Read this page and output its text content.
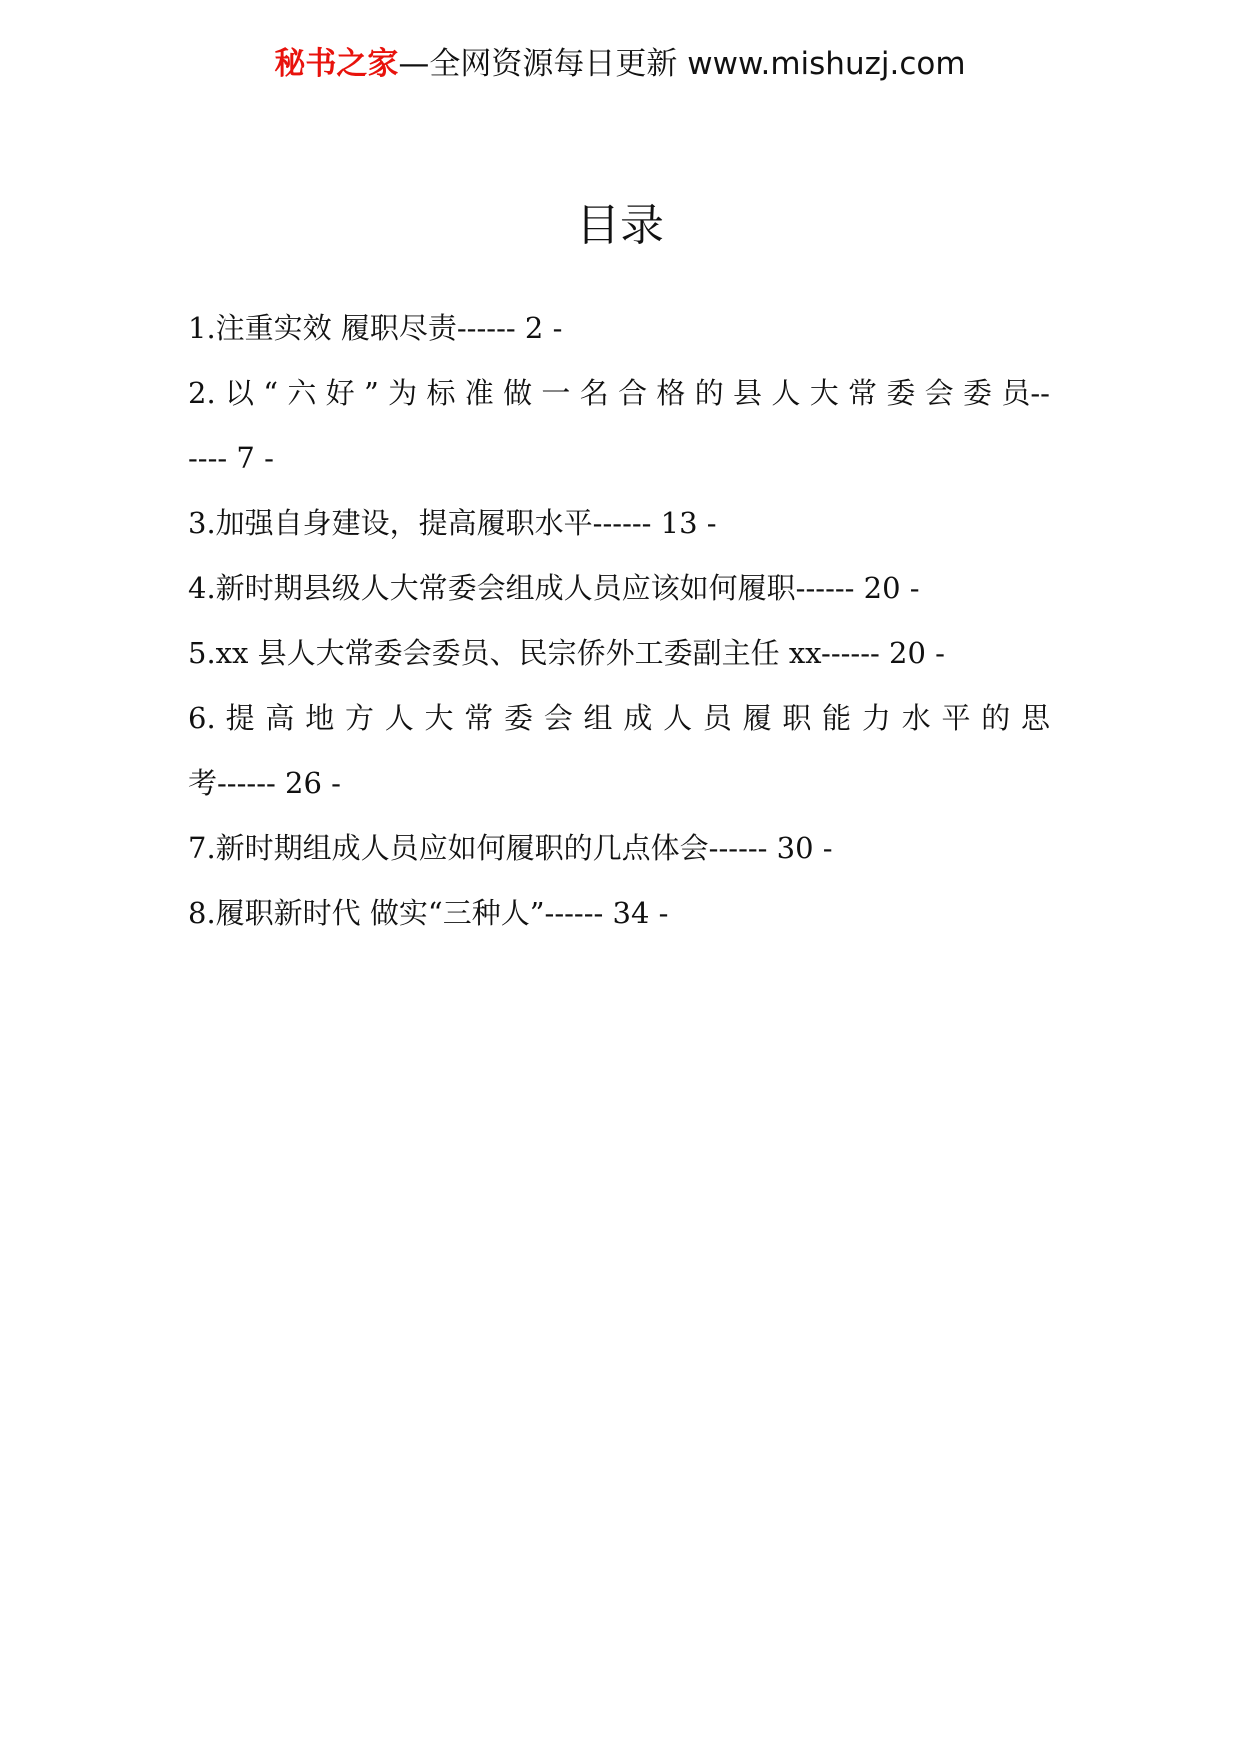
秘书之家—全网资源每日更新 www.mishuzj.com
目录
1.注重实效 履职尽责------ 2 -
2. 以 “ 六 好 ” 为 标 准 做 一 名 合 格 的 县 人 大 常 委 会 委 员------ 7 -
3.加强自身建设，提高履职水平------ 13 -
4.新时期县级人大常委会组成人员应该如何履职------ 20 -
5.xx 县人大常委会委员、民宗侨外工委副主任 xx------ 20 -
6. 提 高 地 方 人 大 常 委 会 组 成 人 员 履 职 能 力 水 平 的 思 考------ 26 -
7.新时期组成人员应如何履职的几点体会------ 30 -
8.履职新时代 做实“三种人”------ 34 -
